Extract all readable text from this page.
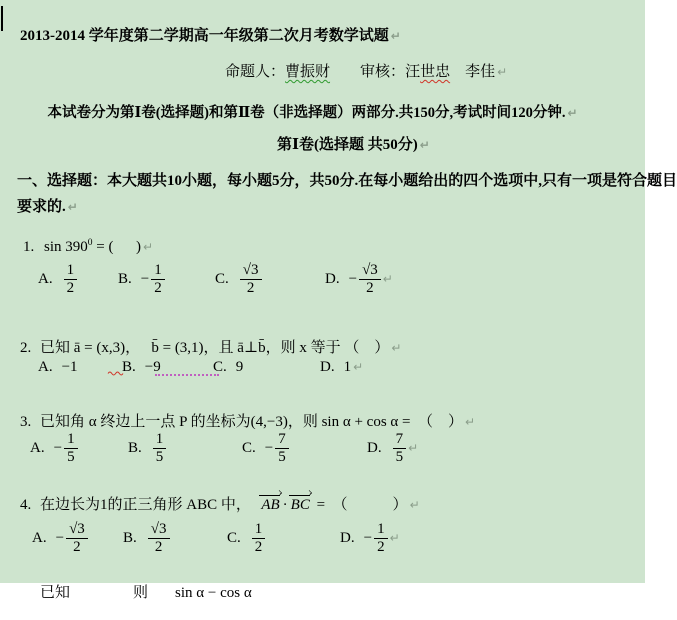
2013-2014 学年度第二学期高一年级第二次月考数学试题 ↵

命题人：曹振财　　 审核：汪世忠　 李佳 ↵

本试卷分为第Ⅰ卷(选择题)和第Ⅱ卷（非选择题）两部分.共150分,考试时间120分钟. ↵

第Ⅰ卷(选择题 共50分) ↵

一、选择题：本大题共10小题，每小题5分，共50分.在每小题给出的四个选项中,只有一项是符合题目

要求的. ↵

1. $\sin 390^0$ = (      ) ↵

A. $\frac{1}{2}$	B. − $\frac{1}{2}$	C. $\frac{√3}{2}$	D. − $\frac{√3}{2}$ ↵

2. 已知 ā = (x,3)，　 b̄ = (3,1)，且 ā⊥b̄，则 x 等于 （　） ↵

A. −1	B. −9	C. 9	D. 1 ↵

3. 已知角 α 终边上一点 P 的坐标为(4,−3)，则 sin α + cos α =  （　） ↵

A. − $\frac{1}{5}$	B. $\frac{1}{5}$	C. − $\frac{7}{5}$	D. $\frac{7}{5}$ ↵

4. 在边长为1的正三角形 ABC 中，　AB · BC =  （　　　） ↵

A. − $\frac{√3}{2} B$. $\frac{√3}{2}$	C. $\frac{1}{2}$	D. − $\frac{1}{2}$ ↵

已知
	则
	sin α − cos α
